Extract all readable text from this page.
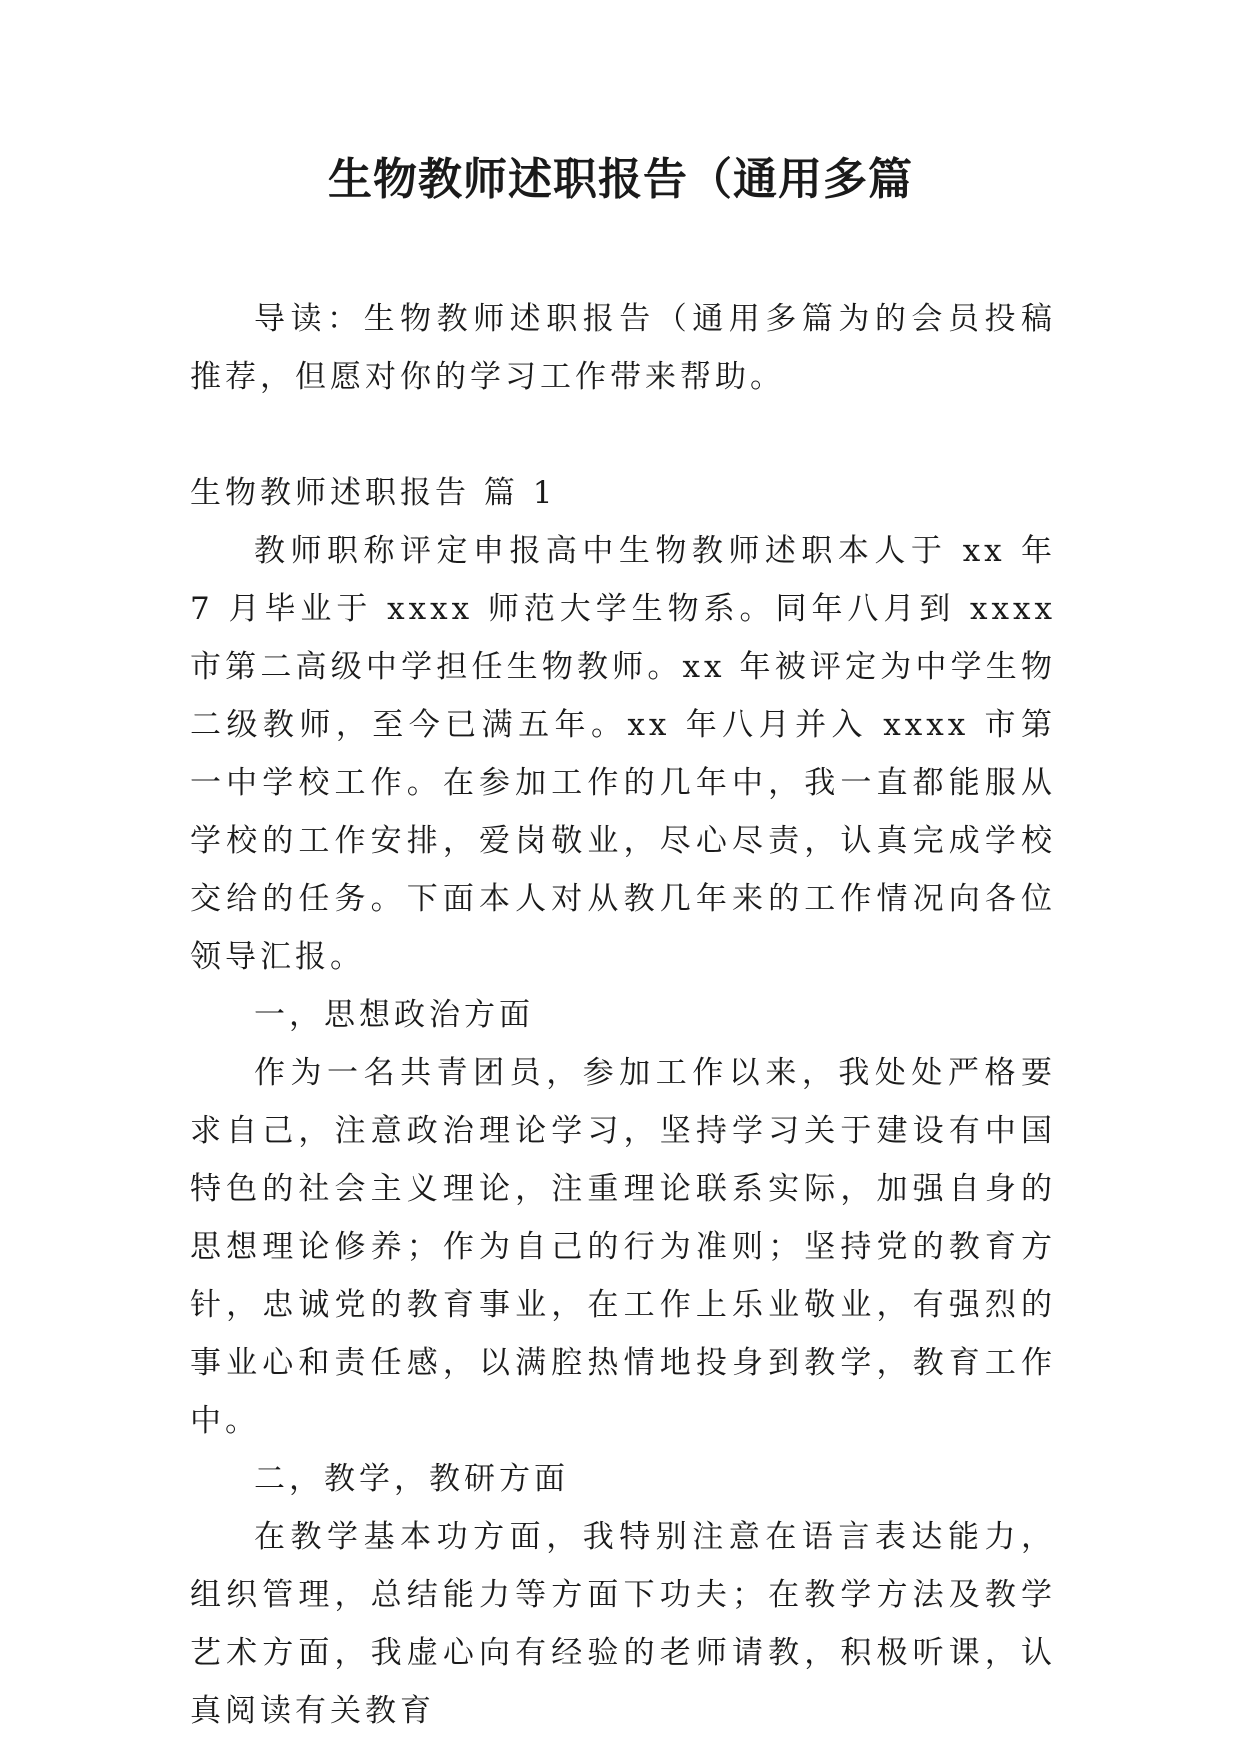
生物教师述职报告（通用多篇

导读：生物教师述职报告（通用多篇为的会员投稿推荐，但愿对你的学习工作带来帮助。

生物教师述职报告 篇 1

教师职称评定申报高中生物教师述职本人于 xx 年 7 月毕业于 xxxx 师范大学生物系。同年八月到 xxxx 市第二高级中学担任生物教师。xx 年被评定为中学生物二级教师，至今已满五年。xx 年八月并入 xxxx 市第一中学校工作。在参加工作的几年中，我一直都能服从学校的工作安排，爱岗敬业，尽心尽责，认真完成学校交给的任务。下面本人对从教几年来的工作情况向各位领导汇报。

一，思想政治方面

作为一名共青团员，参加工作以来，我处处严格要求自己，注意政治理论学习，坚持学习关于建设有中国特色的社会主义理论，注重理论联系实际，加强自身的思想理论修养；作为自己的行为准则；坚持党的教育方针，忠诚党的教育事业，在工作上乐业敬业，有强烈的事业心和责任感，以满腔热情地投身到教学，教育工作中。

二，教学，教研方面

在教学基本功方面，我特别注意在语言表达能力，组织管理，总结能力等方面下功夫；在教学方法及教学艺术方面，我虚心向有经验的老师请教，积极听课，认真阅读有关教育
